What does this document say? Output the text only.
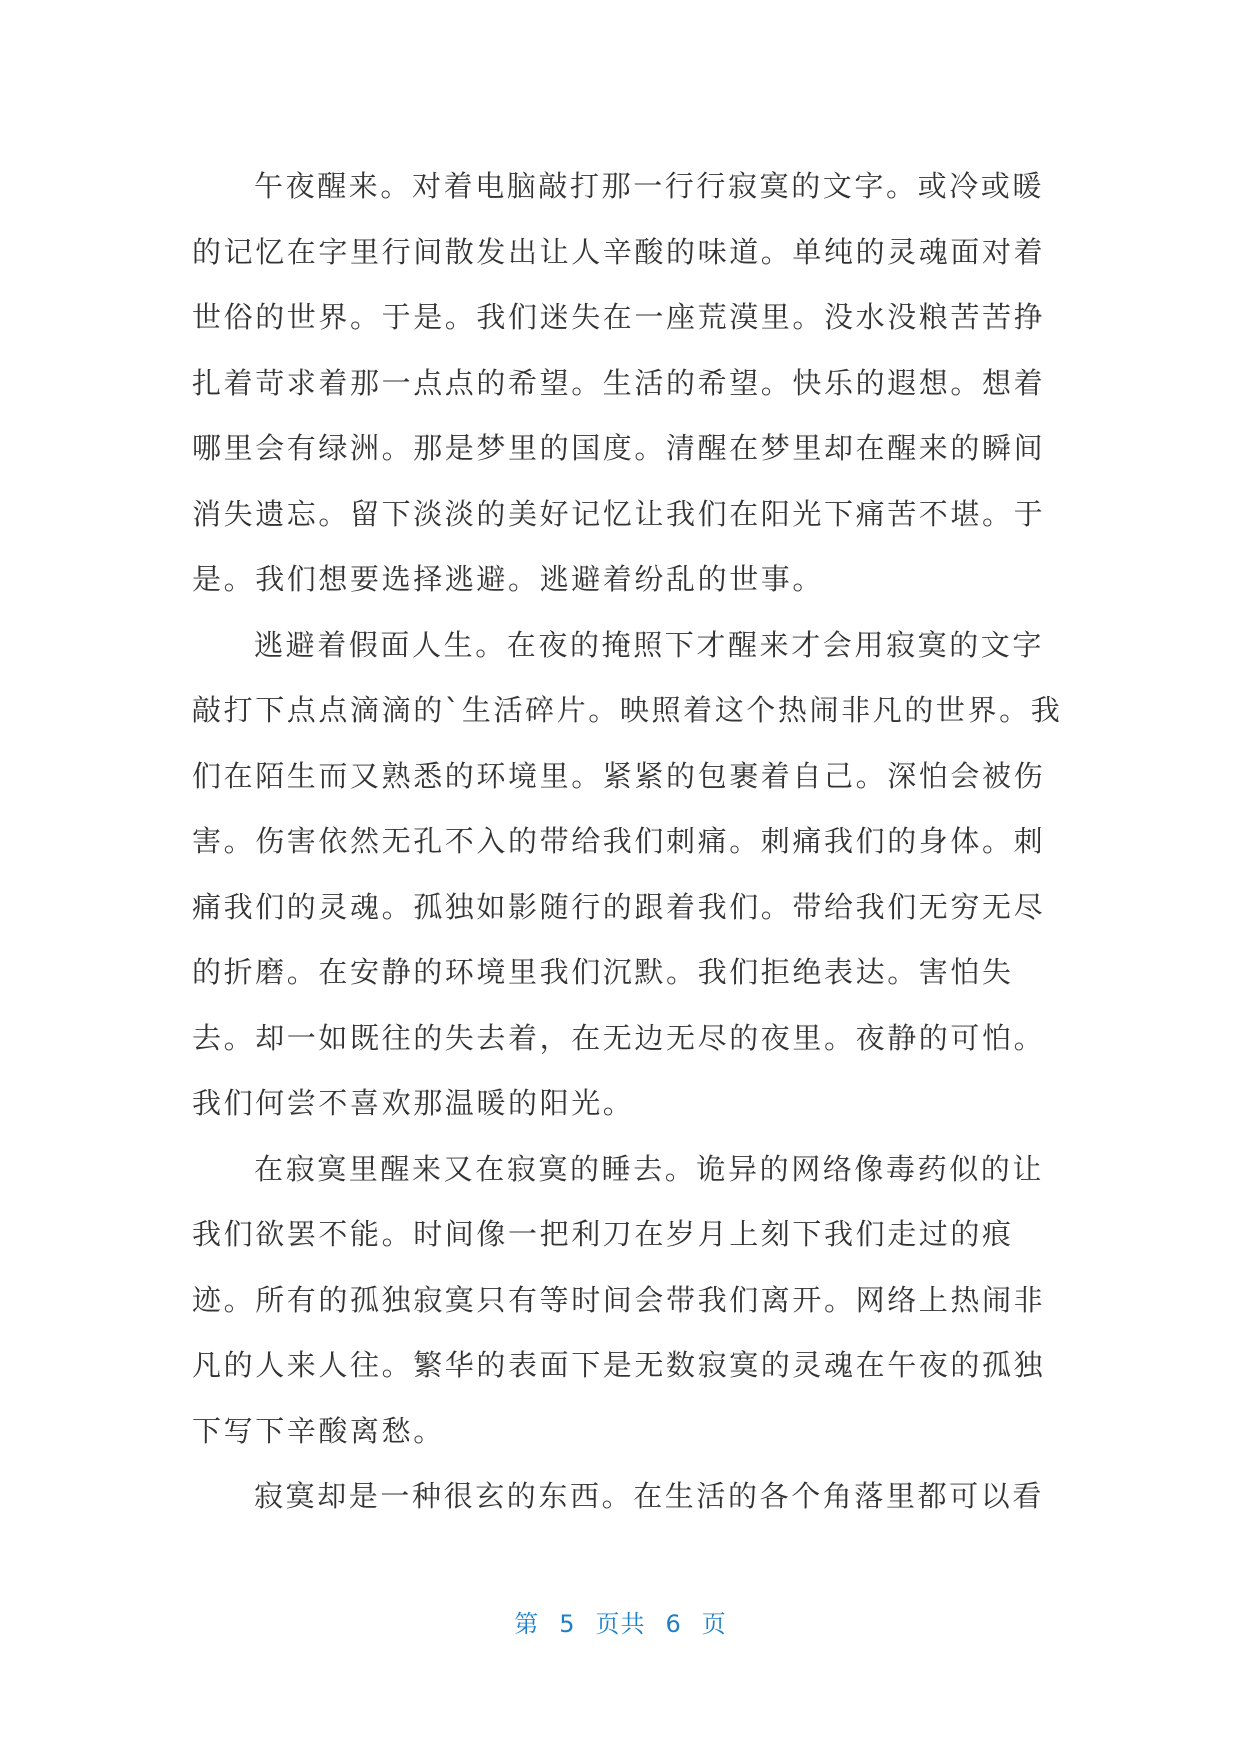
午夜醒来。对着电脑敲打那一行行寂寞的文字。或冷或暖
的记忆在字里行间散发出让人辛酸的味道。单纯的灵魂面对着
世俗的世界。于是。我们迷失在一座荒漠里。没水没粮苦苦挣
扎着苛求着那一点点的希望。生活的希望。快乐的遐想。想着
哪里会有绿洲。那是梦里的国度。清醒在梦里却在醒来的瞬间
消失遗忘。留下淡淡的美好记忆让我们在阳光下痛苦不堪。于
是。我们想要选择逃避。逃避着纷乱的世事。
逃避着假面人生。在夜的掩照下才醒来才会用寂寞的文字
敲打下点点滴滴的`生活碎片。映照着这个热闹非凡的世界。我
们在陌生而又熟悉的环境里。紧紧的包裹着自己。深怕会被伤
害。伤害依然无孔不入的带给我们刺痛。刺痛我们的身体。刺
痛我们的灵魂。孤独如影随行的跟着我们。带给我们无穷无尽
的折磨。在安静的环境里我们沉默。我们拒绝表达。害怕失
去。却一如既往的失去着，在无边无尽的夜里。夜静的可怕。
我们何尝不喜欢那温暖的阳光。
在寂寞里醒来又在寂寞的睡去。诡异的网络像毒药似的让
我们欲罢不能。时间像一把利刀在岁月上刻下我们走过的痕
迹。所有的孤独寂寞只有等时间会带我们离开。网络上热闹非
凡的人来人往。繁华的表面下是无数寂寞的灵魂在午夜的孤独
下写下辛酸离愁。
寂寞却是一种很玄的东西。在生活的各个角落里都可以看
第 5 页共 6 页
